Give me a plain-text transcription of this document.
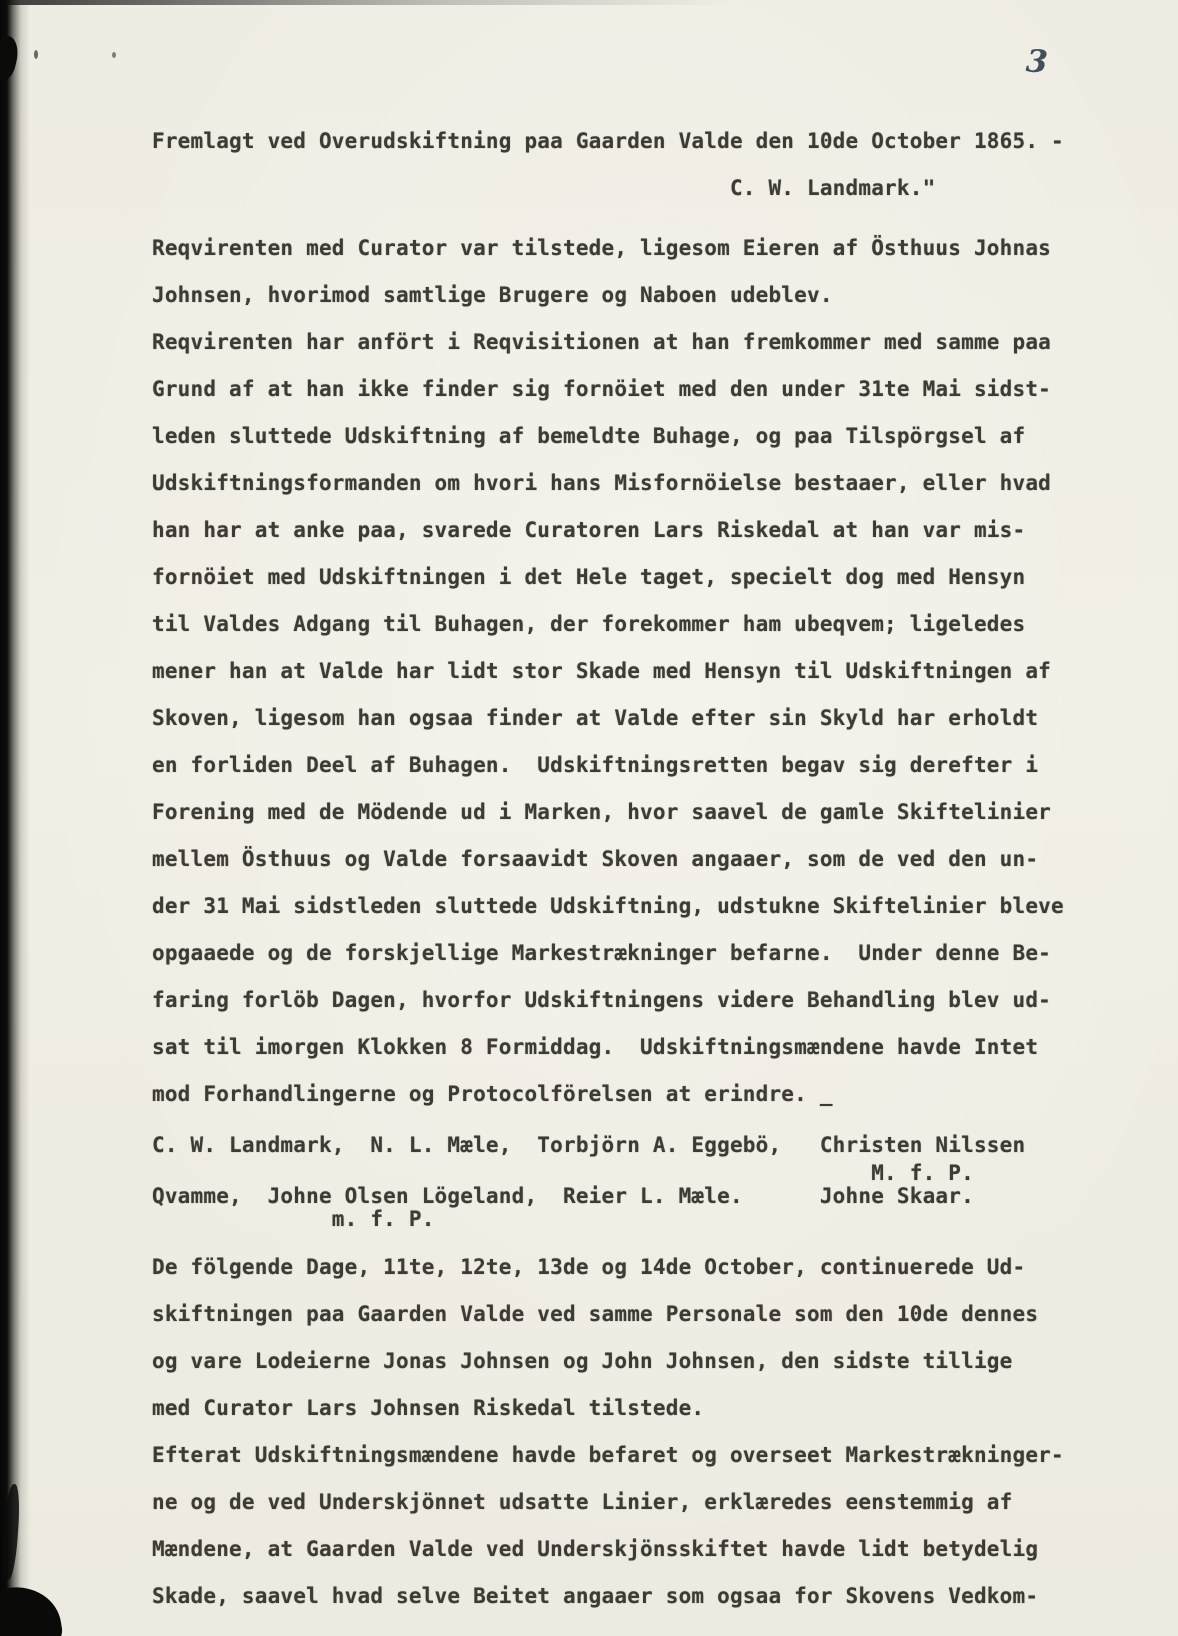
3
Fremlagt ved Overudskiftning paa Gaarden Valde den 10de October 1865. -
C. W. Landmark."
Reqvirenten med Curator var tilstede, ligesom Eieren af Östhuus Johnas
Johnsen, hvorimod samtlige Brugere og Naboen udeblev.
Reqvirenten har anfört i Reqvisitionen at han fremkommer med samme paa
Grund af at han ikke finder sig fornöiet med den under 31te Mai sidst-
leden sluttede Udskiftning af bemeldte Buhage, og paa Tilspörgsel af
Udskiftningsformanden om hvori hans Misfornöielse bestaaer, eller hvad
han har at anke paa, svarede Curatoren Lars Riskedal at han var mis-
fornöiet med Udskiftningen i det Hele taget, specielt dog med Hensyn
til Valdes Adgang til Buhagen, der forekommer ham ubeqvem; ligeledes
mener han at Valde har lidt stor Skade med Hensyn til Udskiftningen af
Skoven, ligesom han ogsaa finder at Valde efter sin Skyld har erholdt
en forliden Deel af Buhagen.  Udskiftningsretten begav sig derefter i
Forening med de Mödende ud i Marken, hvor saavel de gamle Skiftelinier
mellem Östhuus og Valde forsaavidt Skoven angaaer, som de ved den un-
der 31 Mai sidstleden sluttede Udskiftning, udstukne Skiftelinier bleve
opgaaede og de forskjellige Markestrækninger befarne.  Under denne Be-
faring forlöb Dagen, hvorfor Udskiftningens videre Behandling blev ud-
sat til imorgen Klokken 8 Formiddag.  Udskiftningsmændene havde Intet
mod Forhandlingerne og Protocolförelsen at erindre. _
C. W. Landmark,  N. L. Mæle,  Torbjörn A. Eggebö,   Christen Nilssen
M. f. P.
Qvamme,  Johne Olsen Lögeland,  Reier L. Mæle.      Johne Skaar.
m. f. P.
De fölgende Dage, 11te, 12te, 13de og 14de October, continuerede Ud-
skiftningen paa Gaarden Valde ved samme Personale som den 10de dennes
og vare Lodeierne Jonas Johnsen og John Johnsen, den sidste tillige
med Curator Lars Johnsen Riskedal tilstede.
Efterat Udskiftningsmændene havde befaret og overseet Markestrækninger-
ne og de ved Underskjönnet udsatte Linier, erklæredes eenstemmig af
Mændene, at Gaarden Valde ved Underskjönsskiftet havde lidt betydelig
Skade, saavel hvad selve Beitet angaaer som ogsaa for Skovens Vedkom-
